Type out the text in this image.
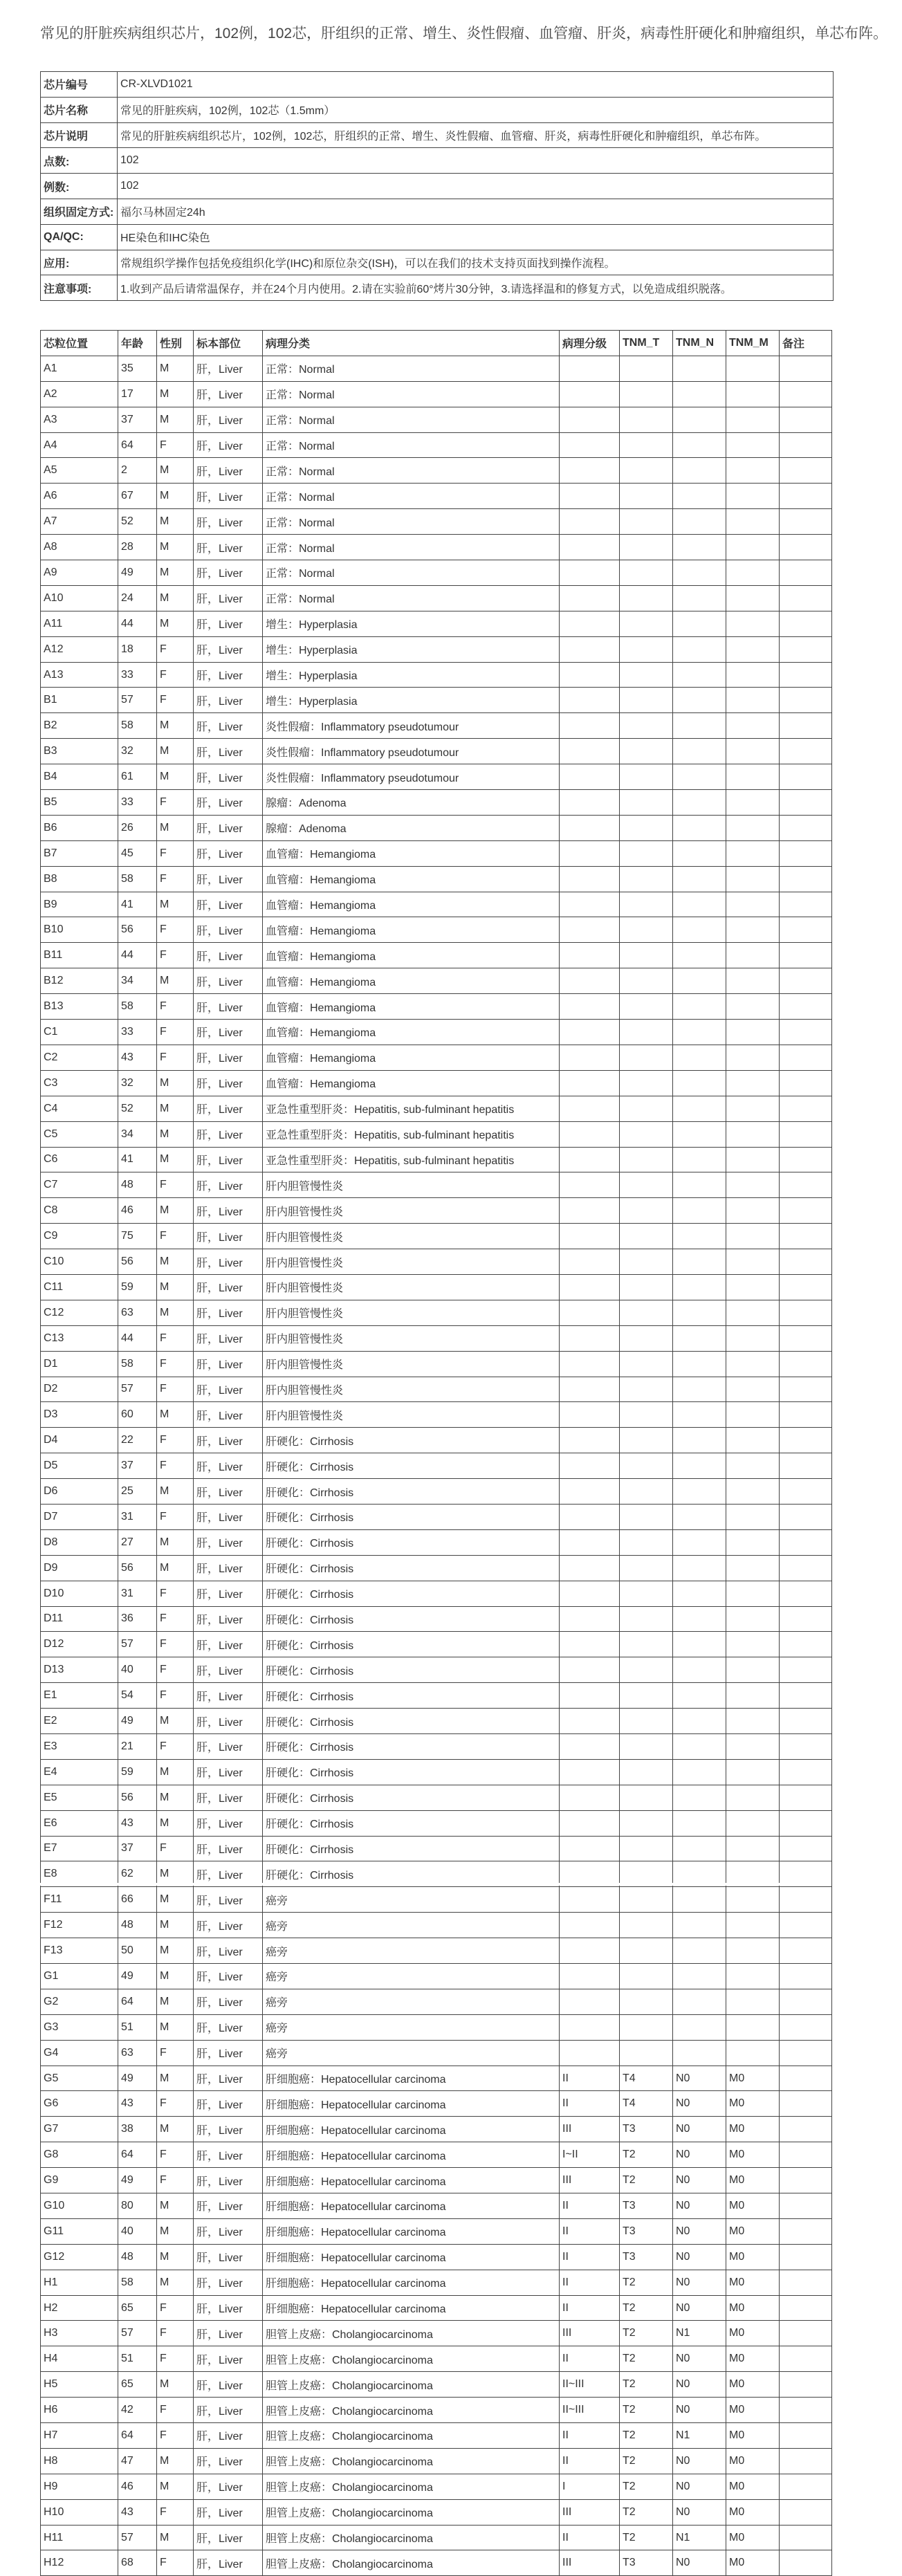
常见的肝脏疾病组织芯片，102例，102芯，肝组织的正常、增生、炎性假瘤、血管瘤、肝炎，病毒性肝硬化和肿瘤组织，单芯布阵。
芯片编号	CR-XLVD1021
芯片名称	常见的肝脏疾病，102例，102芯（1.5mm）
芯片说明	常见的肝脏疾病组织芯片，102例，102芯，肝组织的正常、增生、炎性假瘤、血管瘤、肝炎，病毒性肝硬化和肿瘤组织，单芯布阵。
点数:	102
例数:	102
组织固定方式:	福尔马林固定24h
QA/QC:	HE染色和IHC染色
应用:	常规组织学操作包括免疫组织化学(IHC)和原位杂交(ISH)，可以在我们的技术支持页面找到操作流程。
注意事项:	1.收到产品后请常温保存，并在24个月内使用。2.请在实验前60°烤片30分钟，3.请选择温和的修复方式，以免造成组织脱落。
芯粒位置	年龄	性别	标本部位	病理分类	病理分级	TNM_T	TNM_N	TNM_M	备注
A1	35	M	肝，Liver	正常：Normal					
A2	17	M	肝，Liver	正常：Normal					
A3	37	M	肝，Liver	正常：Normal					
A4	64	F	肝，Liver	正常：Normal					
A5	2	M	肝，Liver	正常：Normal					
A6	67	M	肝，Liver	正常：Normal					
A7	52	M	肝，Liver	正常：Normal					
A8	28	M	肝，Liver	正常：Normal					
A9	49	M	肝，Liver	正常：Normal					
A10	24	M	肝，Liver	正常：Normal					
A11	44	M	肝，Liver	增生：Hyperplasia					
A12	18	F	肝，Liver	增生：Hyperplasia					
A13	33	F	肝，Liver	增生：Hyperplasia					
B1	57	F	肝，Liver	增生：Hyperplasia					
B2	58	M	肝，Liver	炎性假瘤：Inflammatory pseudotumour					
B3	32	M	肝，Liver	炎性假瘤：Inflammatory pseudotumour					
B4	61	M	肝，Liver	炎性假瘤：Inflammatory pseudotumour					
B5	33	F	肝，Liver	腺瘤：Adenoma					
B6	26	M	肝，Liver	腺瘤：Adenoma					
B7	45	F	肝，Liver	血管瘤：Hemangioma					
B8	58	F	肝，Liver	血管瘤：Hemangioma					
B9	41	M	肝，Liver	血管瘤：Hemangioma					
B10	56	F	肝，Liver	血管瘤：Hemangioma					
B11	44	F	肝，Liver	血管瘤：Hemangioma					
B12	34	M	肝，Liver	血管瘤：Hemangioma					
B13	58	F	肝，Liver	血管瘤：Hemangioma					
C1	33	F	肝，Liver	血管瘤：Hemangioma					
C2	43	F	肝，Liver	血管瘤：Hemangioma					
C3	32	M	肝，Liver	血管瘤：Hemangioma					
C4	52	M	肝，Liver	亚急性重型肝炎：Hepatitis, sub-fulminant hepatitis					
C5	34	M	肝，Liver	亚急性重型肝炎：Hepatitis, sub-fulminant hepatitis					
C6	41	M	肝，Liver	亚急性重型肝炎：Hepatitis, sub-fulminant hepatitis					
C7	48	F	肝，Liver	肝内胆管慢性炎					
C8	46	M	肝，Liver	肝内胆管慢性炎					
C9	75	F	肝，Liver	肝内胆管慢性炎					
C10	56	M	肝，Liver	肝内胆管慢性炎					
C11	59	M	肝，Liver	肝内胆管慢性炎					
C12	63	M	肝，Liver	肝内胆管慢性炎					
C13	44	F	肝，Liver	肝内胆管慢性炎					
D1	58	F	肝，Liver	肝内胆管慢性炎					
D2	57	F	肝，Liver	肝内胆管慢性炎					
D3	60	M	肝，Liver	肝内胆管慢性炎					
D4	22	F	肝，Liver	肝硬化：Cirrhosis					
D5	37	F	肝，Liver	肝硬化：Cirrhosis					
D6	25	M	肝，Liver	肝硬化：Cirrhosis					
D7	31	F	肝，Liver	肝硬化：Cirrhosis					
D8	27	M	肝，Liver	肝硬化：Cirrhosis					
D9	56	M	肝，Liver	肝硬化：Cirrhosis					
D10	31	F	肝，Liver	肝硬化：Cirrhosis					
D11	36	F	肝，Liver	肝硬化：Cirrhosis					
D12	57	F	肝，Liver	肝硬化：Cirrhosis					
D13	40	F	肝，Liver	肝硬化：Cirrhosis					
E1	54	F	肝，Liver	肝硬化：Cirrhosis					
E2	49	M	肝，Liver	肝硬化：Cirrhosis					
E3	21	F	肝，Liver	肝硬化：Cirrhosis					
E4	59	M	肝，Liver	肝硬化：Cirrhosis					
E5	56	M	肝，Liver	肝硬化：Cirrhosis					
E6	43	M	肝，Liver	肝硬化：Cirrhosis					
E7	37	F	肝，Liver	肝硬化：Cirrhosis					
E8	62	M	肝，Liver	肝硬化：Cirrhosis					
F11	66	M	肝，Liver	癌旁					
F12	48	M	肝，Liver	癌旁					
F13	50	M	肝，Liver	癌旁					
G1	49	M	肝，Liver	癌旁					
G2	64	M	肝，Liver	癌旁					
G3	51	M	肝，Liver	癌旁					
G4	63	F	肝，Liver	癌旁					
G5	49	M	肝，Liver	肝细胞癌：Hepatocellular carcinoma	II	T4	N0	M0	
G6	43	F	肝，Liver	肝细胞癌：Hepatocellular carcinoma	II	T4	N0	M0	
G7	38	M	肝，Liver	肝细胞癌：Hepatocellular carcinoma	III	T3	N0	M0	
G8	64	F	肝，Liver	肝细胞癌：Hepatocellular carcinoma	I~II	T2	N0	M0	
G9	49	F	肝，Liver	肝细胞癌：Hepatocellular carcinoma	III	T2	N0	M0	
G10	80	M	肝，Liver	肝细胞癌：Hepatocellular carcinoma	II	T3	N0	M0	
G11	40	M	肝，Liver	肝细胞癌：Hepatocellular carcinoma	II	T3	N0	M0	
G12	48	M	肝，Liver	肝细胞癌：Hepatocellular carcinoma	II	T3	N0	M0	
H1	58	M	肝，Liver	肝细胞癌：Hepatocellular carcinoma	II	T2	N0	M0	
H2	65	F	肝，Liver	肝细胞癌：Hepatocellular carcinoma	II	T2	N0	M0	
H3	57	F	肝，Liver	胆管上皮癌：Cholangiocarcinoma	III	T2	N1	M0	
H4	51	F	肝，Liver	胆管上皮癌：Cholangiocarcinoma	II	T2	N0	M0	
H5	65	M	肝，Liver	胆管上皮癌：Cholangiocarcinoma	II~III	T2	N0	M0	
H6	42	F	肝，Liver	胆管上皮癌：Cholangiocarcinoma	II~III	T2	N0	M0	
H7	64	F	肝，Liver	胆管上皮癌：Cholangiocarcinoma	II	T2	N1	M0	
H8	47	M	肝，Liver	胆管上皮癌：Cholangiocarcinoma	II	T2	N0	M0	
H9	46	M	肝，Liver	胆管上皮癌：Cholangiocarcinoma	I	T2	N0	M0	
H10	43	F	肝，Liver	胆管上皮癌：Cholangiocarcinoma	III	T2	N0	M0	
H11	57	M	肝，Liver	胆管上皮癌：Cholangiocarcinoma	II	T2	N1	M0	
H12	68	F	肝，Liver	胆管上皮癌：Cholangiocarcinoma	III	T3	N0	M0	
